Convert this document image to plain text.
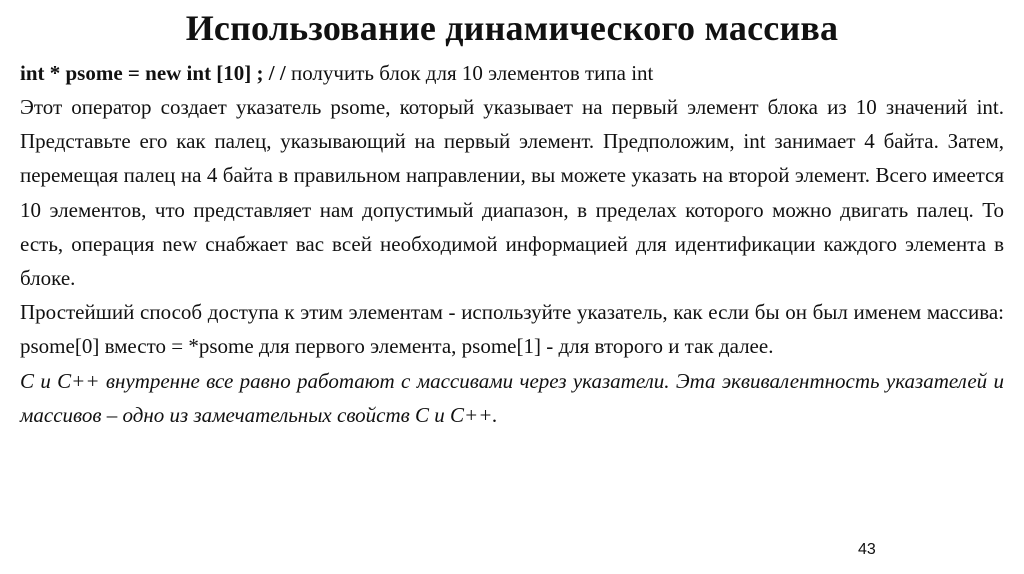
Использование динамического массива
int * psome = new int [10] ; / / получить блок для 10 элементов типа int

Этот оператор создает указатель psome, который указывает на первый элемент блока из 10 значений int. Представьте его как палец, указывающий на первый элемент. Предположим, int занимает 4 байта. Затем, перемещая палец на 4 байта в правильном направлении, вы можете указать на второй элемент. Всего имеется 10 элементов, что представляет нам допустимый диапазон, в пределах которого можно двигать палец. То есть, операция new снабжает вас всей необходимой информацией для идентификации каждого элемента в блоке.

Простейший способ доступа к этим элементам - используйте указатель, как если бы он был именем массива: psome[0] вместо = *psome для первого элемента, psome[1] - для второго и так далее.

С и С++ внутренне все равно работают с массивами через указатели. Эта эквивалентность указателей и массивов – одно из замечательных свойств С и С++.

43
